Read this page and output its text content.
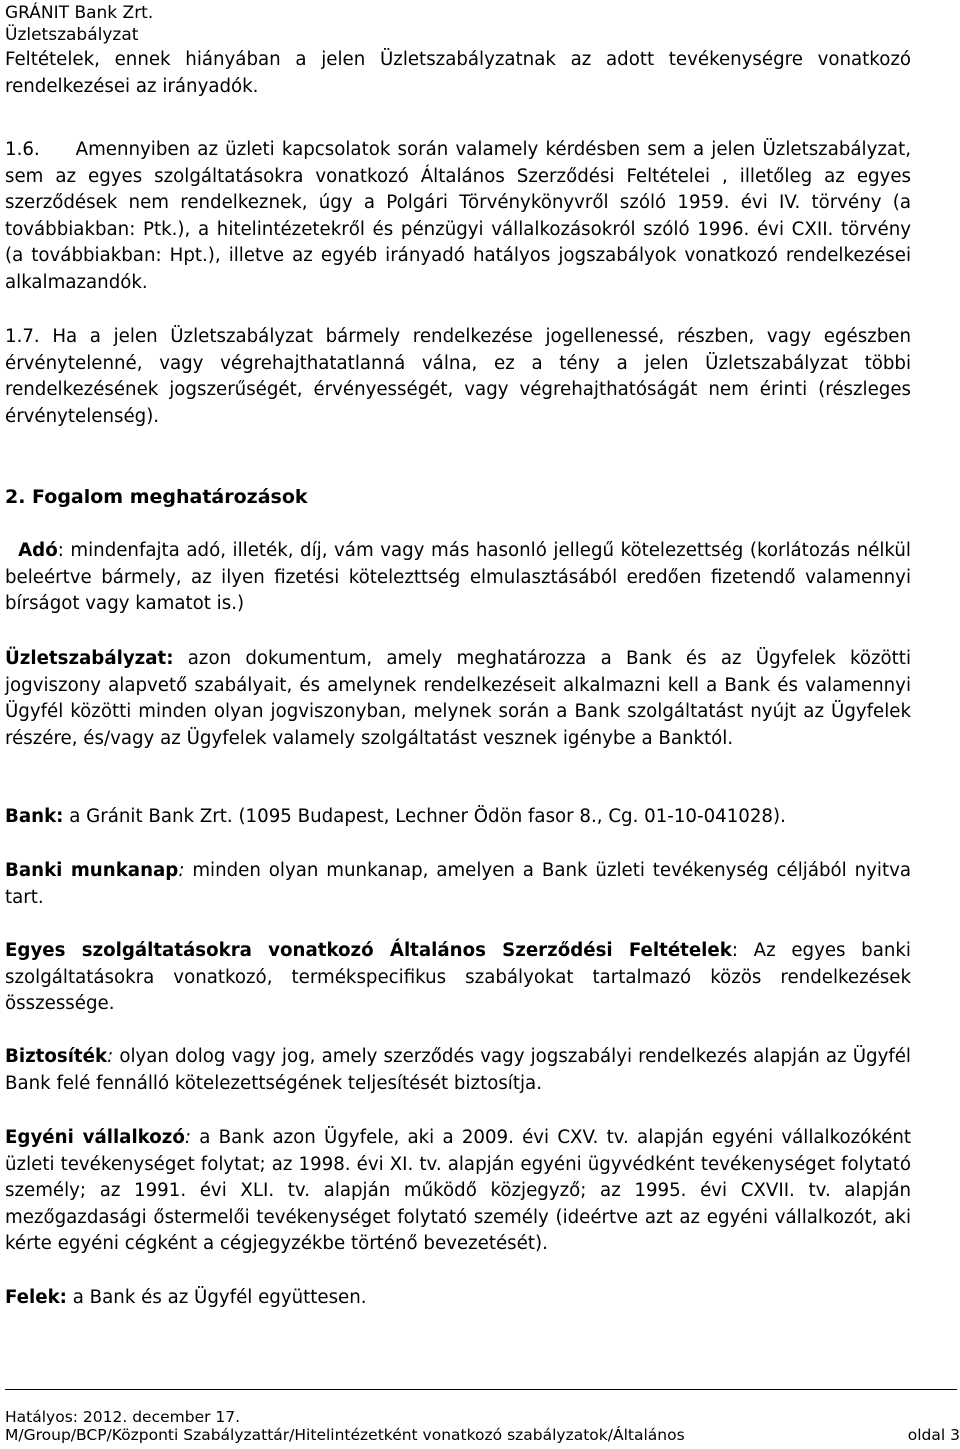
GRÁNIT Bank Zrt.
Üzletszabályzat

Feltételek, ennek hiányában a jelen Üzletszabályzatnak az adott tevékenységre vonatkozó rendelkezései az irányadók.

1.6. Amennyiben az üzleti kapcsolatok során valamely kérdésben sem a jelen Üzletszabályzat, sem az egyes szolgáltatásokra vonatkozó Általános Szerződési Feltételei , illetőleg az egyes szerződések nem rendelkeznek, úgy a Polgári Törvénykönyvről szóló 1959. évi IV. törvény (a továbbiakban: Ptk.), a hitelintézetekről és pénzügyi vállalkozásokról szóló 1996. évi CXII. törvény (a továbbiakban: Hpt.), illetve az egyéb irányadó hatályos jogszabályok vonatkozó rendelkezései alkalmazandók.

1.7. Ha a jelen Üzletszabályzat bármely rendelkezése jogellenessé, részben, vagy egészben érvénytelenné, vagy végrehajthatatlanná válna, ez a tény a jelen Üzletszabályzat többi rendelkezésének jogszerűségét, érvényességét, vagy végrehajthatóságát nem érinti (részleges érvénytelenség).

2. Fogalom meghatározások

Adó: mindenfajta adó, illeték, díj, vám vagy más hasonló jellegű kötelezettség (korlátozás nélkül beleértve bármely, az ilyen fizetési kötelezttség elmulasztásából eredően fizetendő valamennyi bírságot vagy kamatot is.)

Üzletszabályzat: azon dokumentum, amely meghatározza a Bank és az Ügyfelek közötti jogviszony alapvető szabályait, és amelynek rendelkezéseit alkalmazni kell a Bank és valamennyi Ügyfél közötti minden olyan jogviszonyban, melynek során a Bank szolgáltatást nyújt az Ügyfelek részére, és/vagy az Ügyfelek valamely szolgáltatást vesznek igénybe a Banktól.

Bank: a Gránit Bank Zrt. (1095 Budapest, Lechner Ödön fasor 8., Cg. 01-10-041028).

Banki munkanap: minden olyan munkanap, amelyen a Bank üzleti tevékenység céljából nyitva tart.

Egyes szolgáltatásokra vonatkozó Általános Szerződési Feltételek: Az egyes banki szolgáltatásokra vonatkozó, termékspecifikus szabályokat tartalmazó közös rendelkezések összessége.

Biztosíték: olyan dolog vagy jog, amely szerződés vagy jogszabályi rendelkezés alapján az Ügyfél Bank felé fennálló kötelezettségének teljesítését biztosítja.

Egyéni vállalkozó: a Bank azon Ügyfele, aki a 2009. évi CXV. tv. alapján egyéni vállalkozóként üzleti tevékenységet folytat; az 1998. évi XI. tv. alapján egyéni ügyvédként tevékenységet folytató személy; az 1991. évi XLI. tv. alapján működő közjegyző; az 1995. évi CXVII. tv. alapján mezőgazdasági őstermelői tevékenységet folytató személy (ideértve azt az egyéni vállalkozót, aki kérte egyéni cégként a cégjegyzékbe történő bevezetését).

Felek: a Bank és az Ügyfél együttesen.

Hatályos: 2012. december 17.
M/Group/BCP/Központi Szabályzattár/Hitelintézetként vonatkozó szabályzatok/Általános	oldal 3
